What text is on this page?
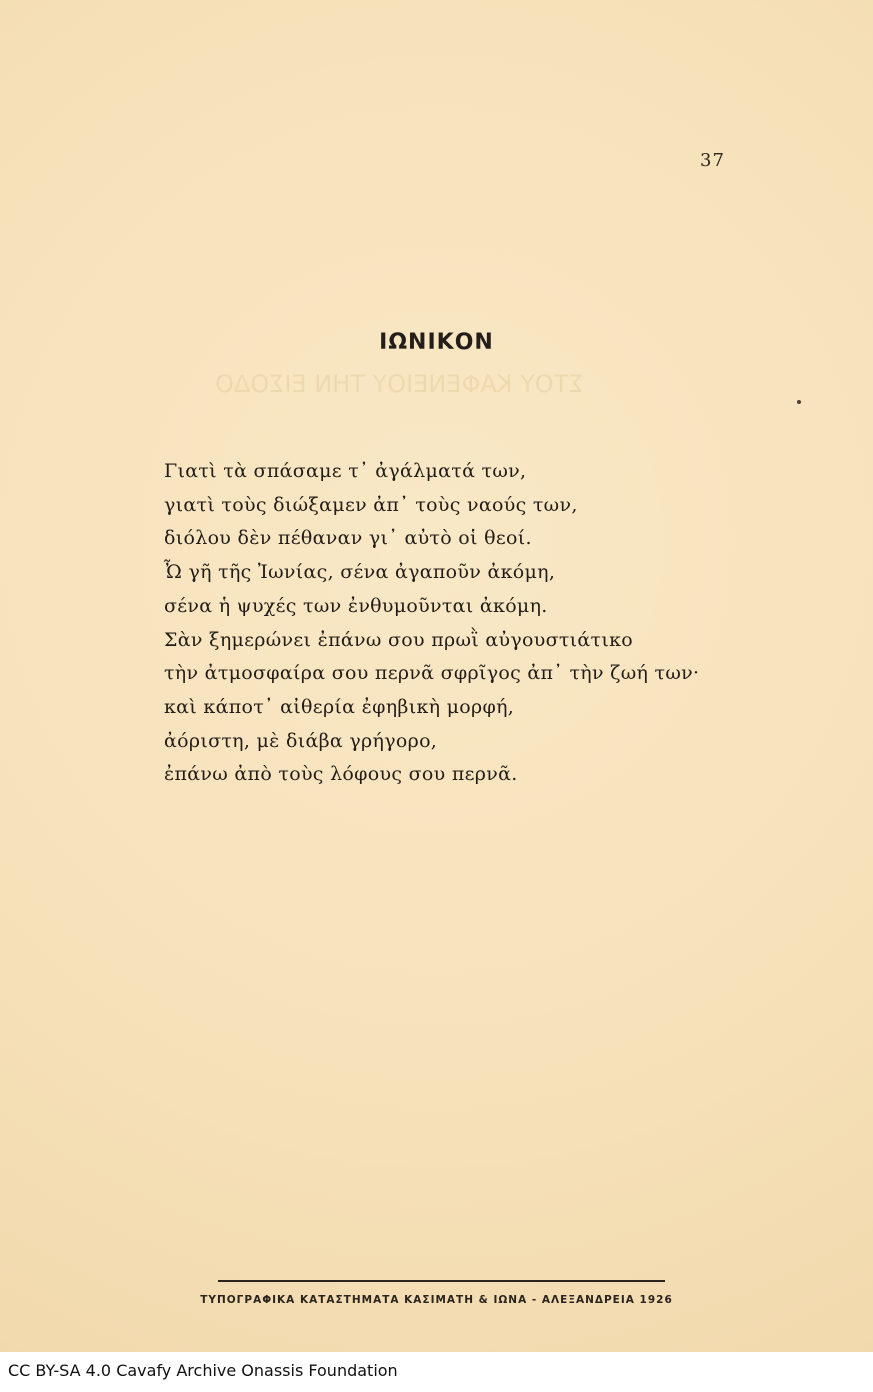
37
ΣΤΟΥ ΚΑΦΕΝΕΙΟΥ ΤΗΝ ΕΙΣΟΔΟ
ΙΩΝΙΚΟΝ
Γιατὶ τὰ σπάσαμε τ᾿ ἀγάλματά των,
γιατὶ τοὺς διώξαμεν ἀπ᾿ τοὺς ναούς των,
διόλου δὲν πέθαναν γι᾿ αὐτὸ οἱ θεοί.
Ὦ γῆ τῆς Ἰωνίας, σένα ἀγαποῦν ἀκόμη,
σένα ἡ ψυχές των ἐνθυμοῦνται ἀκόμη.
Σὰν ξημερώνει ἐπάνω σου πρωῒ αὐγουστιάτικο
τὴν ἀτμοσφαίρα σου περνᾶ σφρῖγος ἀπ᾿ τὴν ζωή των·
καὶ κάποτ᾿ αἰθερία ἐφηβικὴ μορφή,
ἀόριστη, μὲ διάβα γρήγορο,
ἐπάνω ἀπὸ τοὺς λόφους σου περνᾶ.
ΤΥΠΟΓΡΑΦΙΚΑ ΚΑΤΑΣΤΗΜΑΤΑ ΚΑΣΙΜΑΤΗ & ΙΩΝΑ - ΑΛΕΞΑΝΔΡΕΙΑ 1926
CC BY-SA 4.0 Cavafy Archive Onassis Foundation
